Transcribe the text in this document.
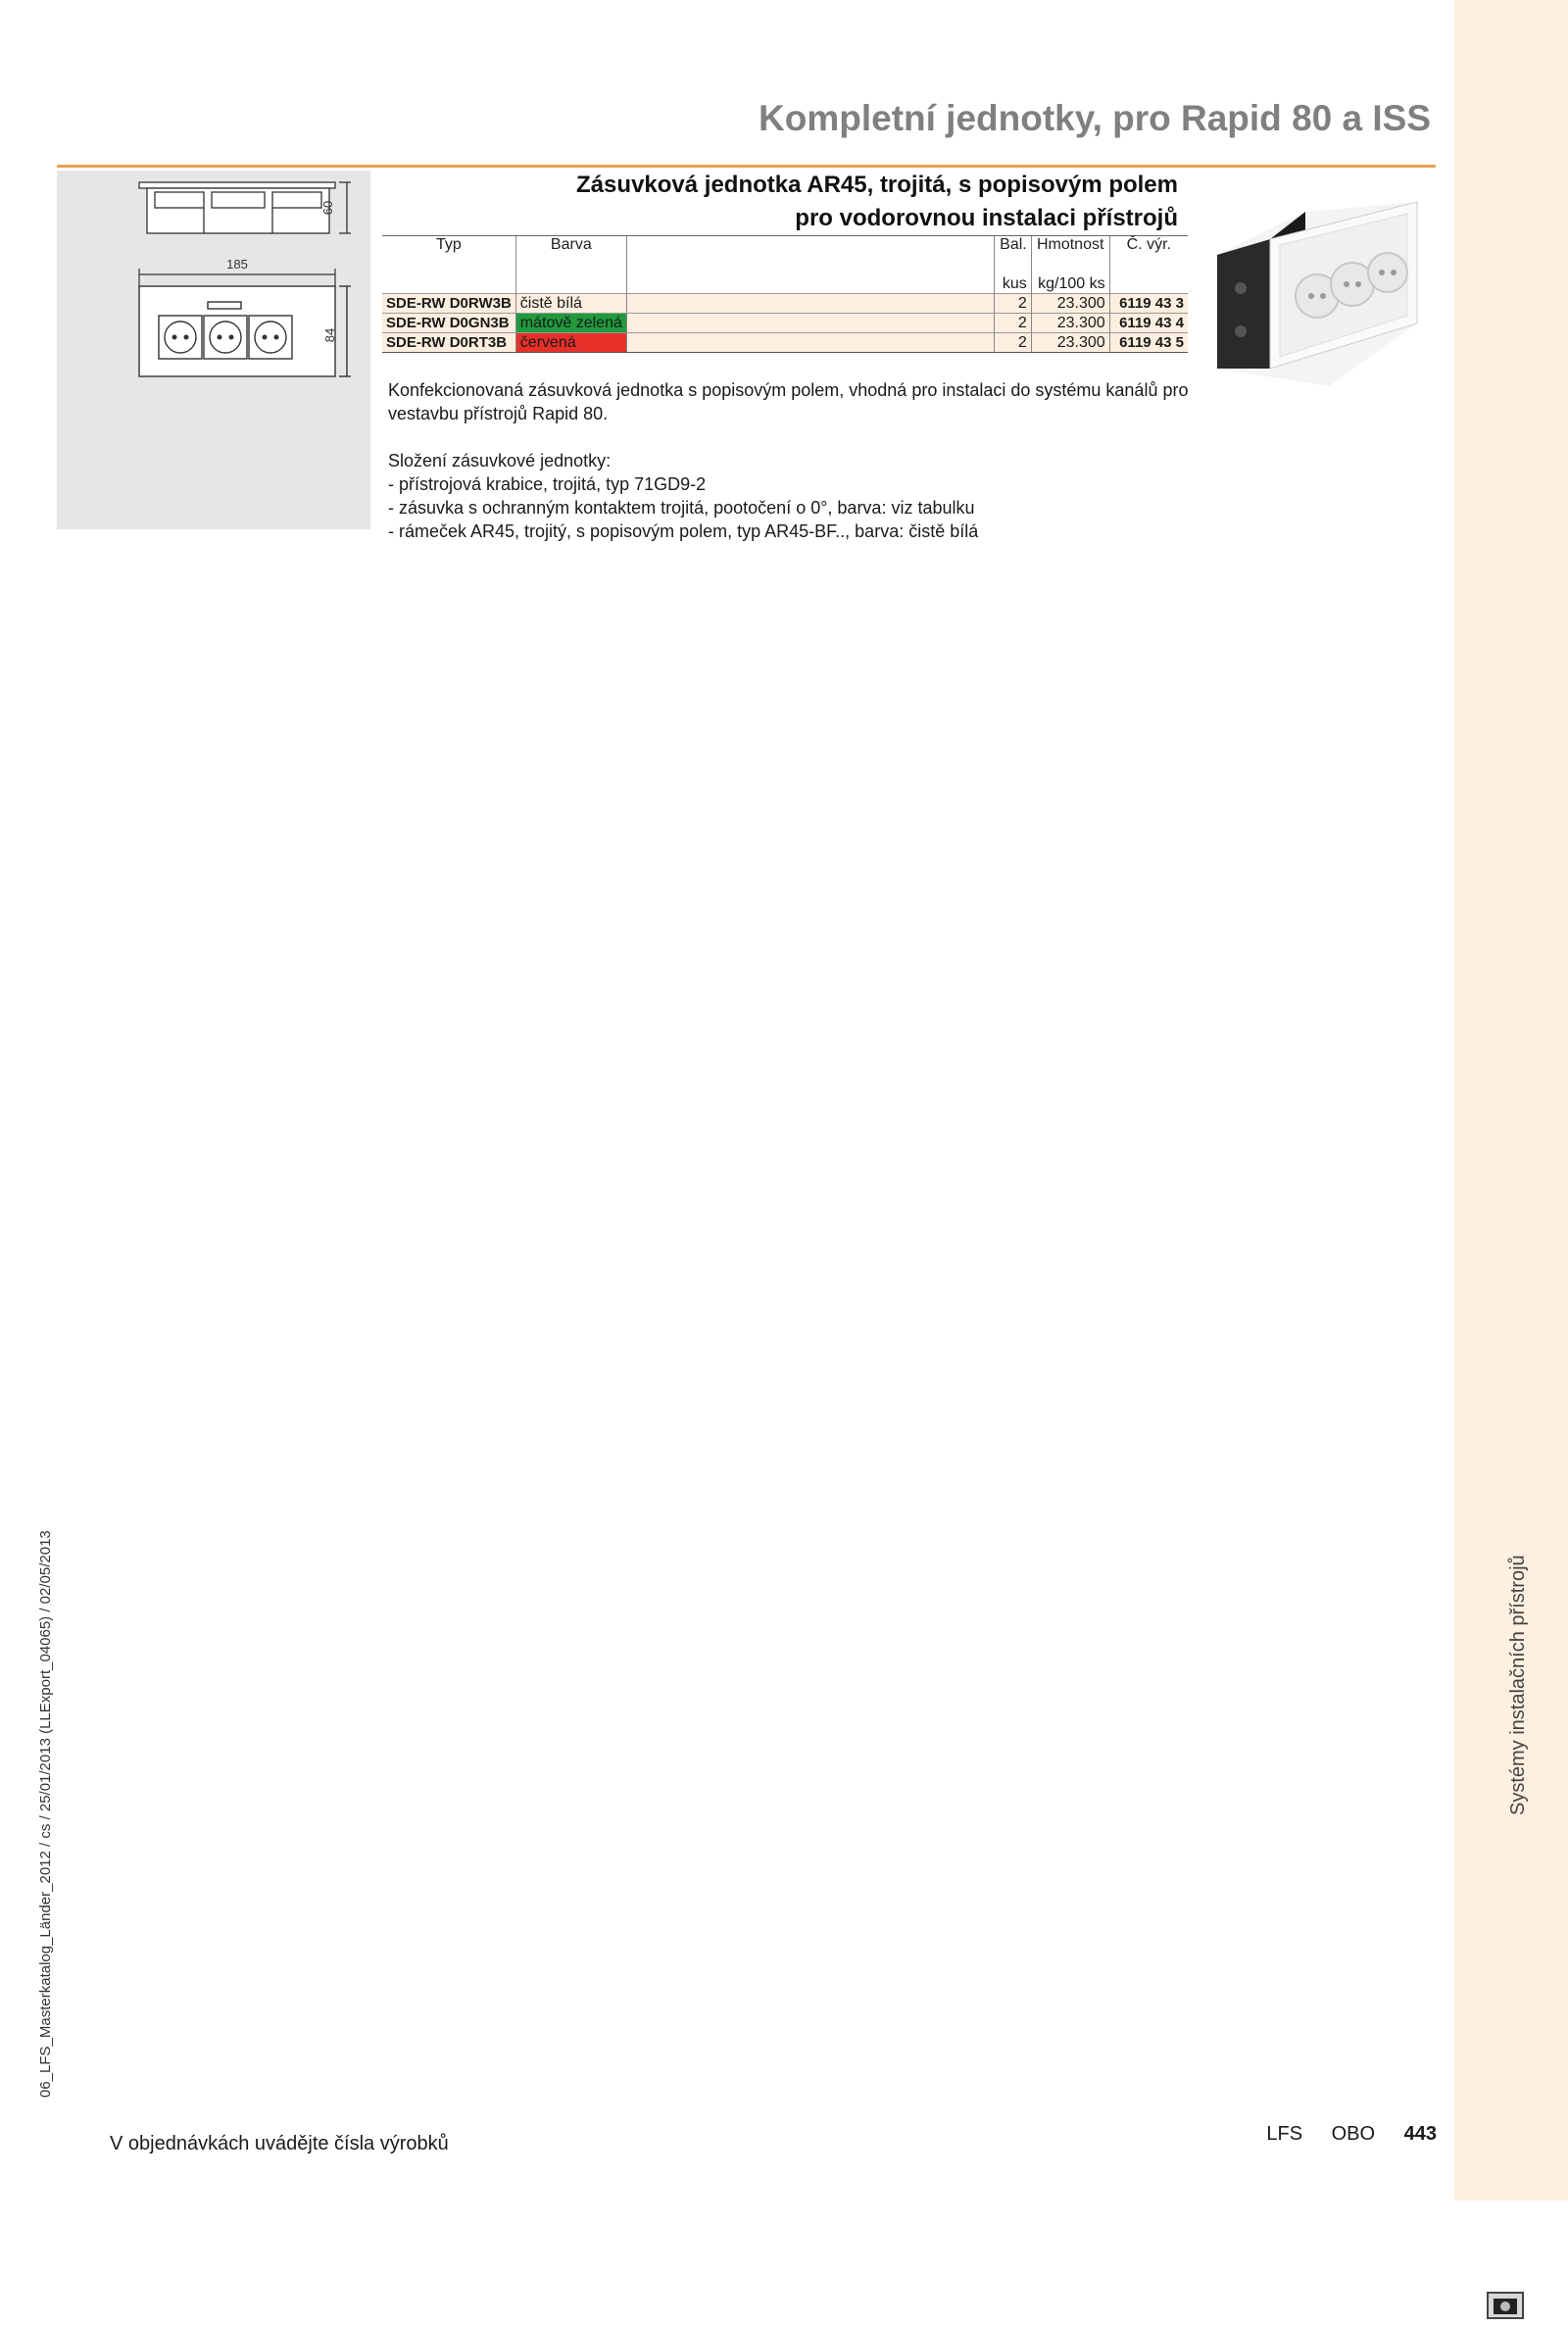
Systémy instalačních přístrojů
Kompletní jednotky, pro Rapid 80 a ISS
60
185
84
Zásuvková jednotka AR45, trojitá, s popisovým polem
pro vodorovnou instalaci přístrojů
Typ	Barva		Bal.	Hmotnost	Č. výr.

			kus	kg/100 ks	
SDE-RW D0RW3B	čistě bílá		2	23.300	6119 43 3
SDE-RW D0GN3B	mátově zelená		2	23.300	6119 43 4
SDE-RW D0RT3B	červená		2	23.300	6119 43 5

Konfekcionovaná zásuvková jednotka s popisovým polem, vhodná pro instalaci do systému kanálů pro vestavbu přístrojů Rapid 80.

Složení zásuvkové jednotky:

- přístrojová krabice, trojitá, typ 71GD9-2

- zásuvka s ochranným kontaktem trojitá, pootočení o 0°, barva: viz tabulku

- rámeček AR45, trojitý, s popisovým polem, typ AR45-BF.., barva: čistě bílá

06_LFS_Masterkatalog_Länder_2012 / cs / 25/01/2013 (LLExport_04065) / 02/05/2013
V objednávkách uvádějte čísla výrobků	LFS OBO 443
